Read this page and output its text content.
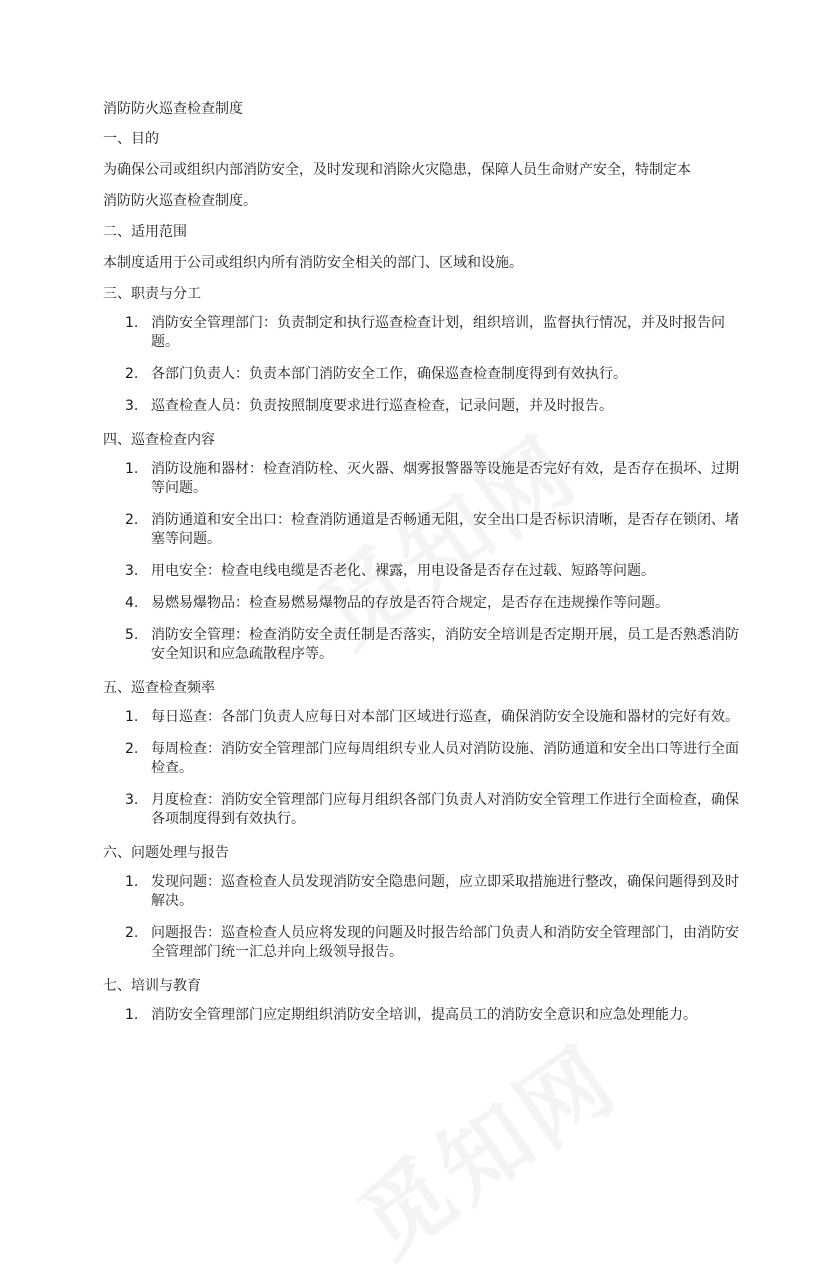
消防防火巡查检查制度
一、目的
为确保公司或组织内部消防安全，及时发现和消除火灾隐患，保障人员生命财产安全，特制定本
消防防火巡查检查制度。
二、适用范围
本制度适用于公司或组织内所有消防安全相关的部门、区域和设施。
三、职责与分工
1. 消防安全管理部门：负责制定和执行巡查检查计划，组织培训，监督执行情况，并及时报告问题。
2. 各部门负责人：负责本部门消防安全工作，确保巡查检查制度得到有效执行。
3. 巡查检查人员：负责按照制度要求进行巡查检查，记录问题，并及时报告。
四、巡查检查内容
1. 消防设施和器材：检查消防栓、灭火器、烟雾报警器等设施是否完好有效，是否存在损坏、过期等问题。
2. 消防通道和安全出口：检查消防通道是否畅通无阻，安全出口是否标识清晰，是否存在锁闭、堵塞等问题。
3. 用电安全：检查电线电缆是否老化、裸露，用电设备是否存在过载、短路等问题。
4. 易燃易爆物品：检查易燃易爆物品的存放是否符合规定，是否存在违规操作等问题。
5. 消防安全管理：检查消防安全责任制是否落实，消防安全培训是否定期开展，员工是否熟悉消防安全知识和应急疏散程序等。
五、巡查检查频率
1. 每日巡查：各部门负责人应每日对本部门区域进行巡查，确保消防安全设施和器材的完好有效。
2. 每周检查：消防安全管理部门应每周组织专业人员对消防设施、消防通道和安全出口等进行全面检查。
3. 月度检查：消防安全管理部门应每月组织各部门负责人对消防安全管理工作进行全面检查，确保各项制度得到有效执行。
六、问题处理与报告
1. 发现问题：巡查检查人员发现消防安全隐患问题，应立即采取措施进行整改，确保问题得到及时解决。
2. 问题报告：巡查检查人员应将发现的问题及时报告给部门负责人和消防安全管理部门，由消防安全管理部门统一汇总并向上级领导报告。
七、培训与教育
1. 消防安全管理部门应定期组织消防安全培训，提高员工的消防安全意识和应急处理能力。
